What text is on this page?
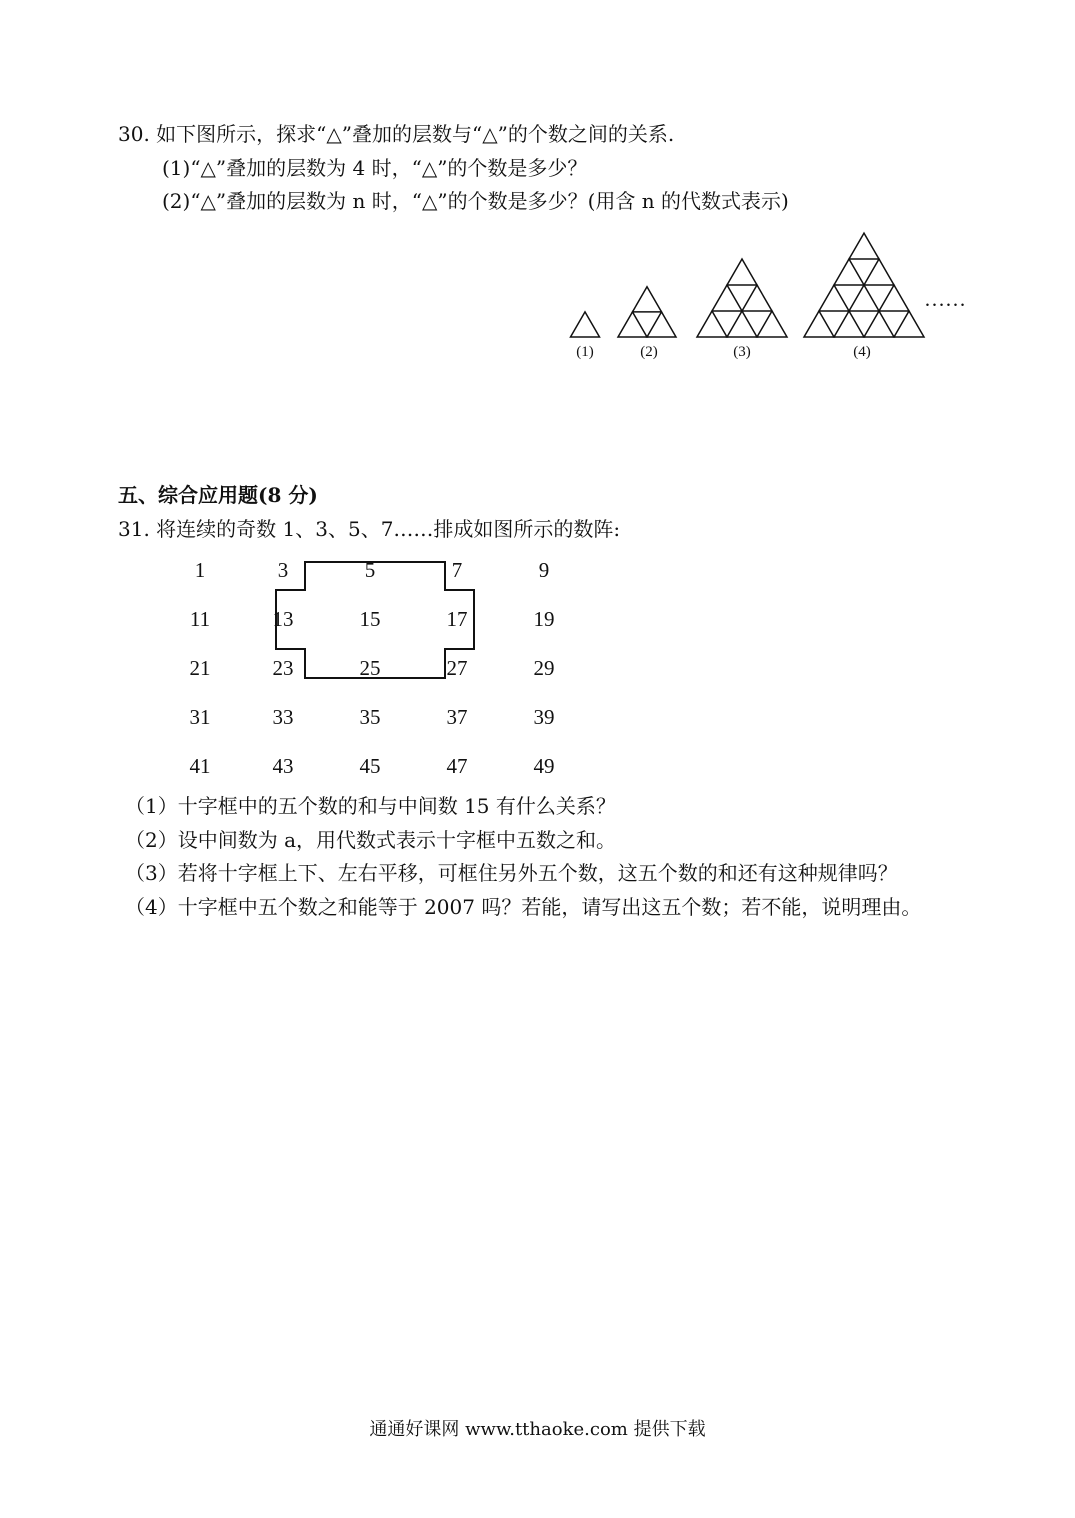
30. 如下图所示，探求“△”叠加的层数与“△”的个数之间的关系.
(1)“△”叠加的层数为 4 时，“△”的个数是多少？
(2)“△”叠加的层数为 n 时，“△”的个数是多少？(用含 n 的代数式表示)
(1)	(2)	(3)	(4)
……
1	3	5	7	9
11	13	15	17	19
21	23	25	27	29
31	33	35	37	39
41	43	45	47	49
五、综合应用题(8 分)
31. 将连续的奇数 1、3、5、7……排成如图所示的数阵:
（1）十字框中的五个数的和与中间数 15 有什么关系？
（2）设中间数为 a，用代数式表示十字框中五数之和。
（3）若将十字框上下、左右平移，可框住另外五个数，这五个数的和还有这种规律吗？
（4）十字框中五个数之和能等于 2007 吗？若能，请写出这五个数；若不能，说明理由。
通通好课网 www.tthaoke.com 提供下载
